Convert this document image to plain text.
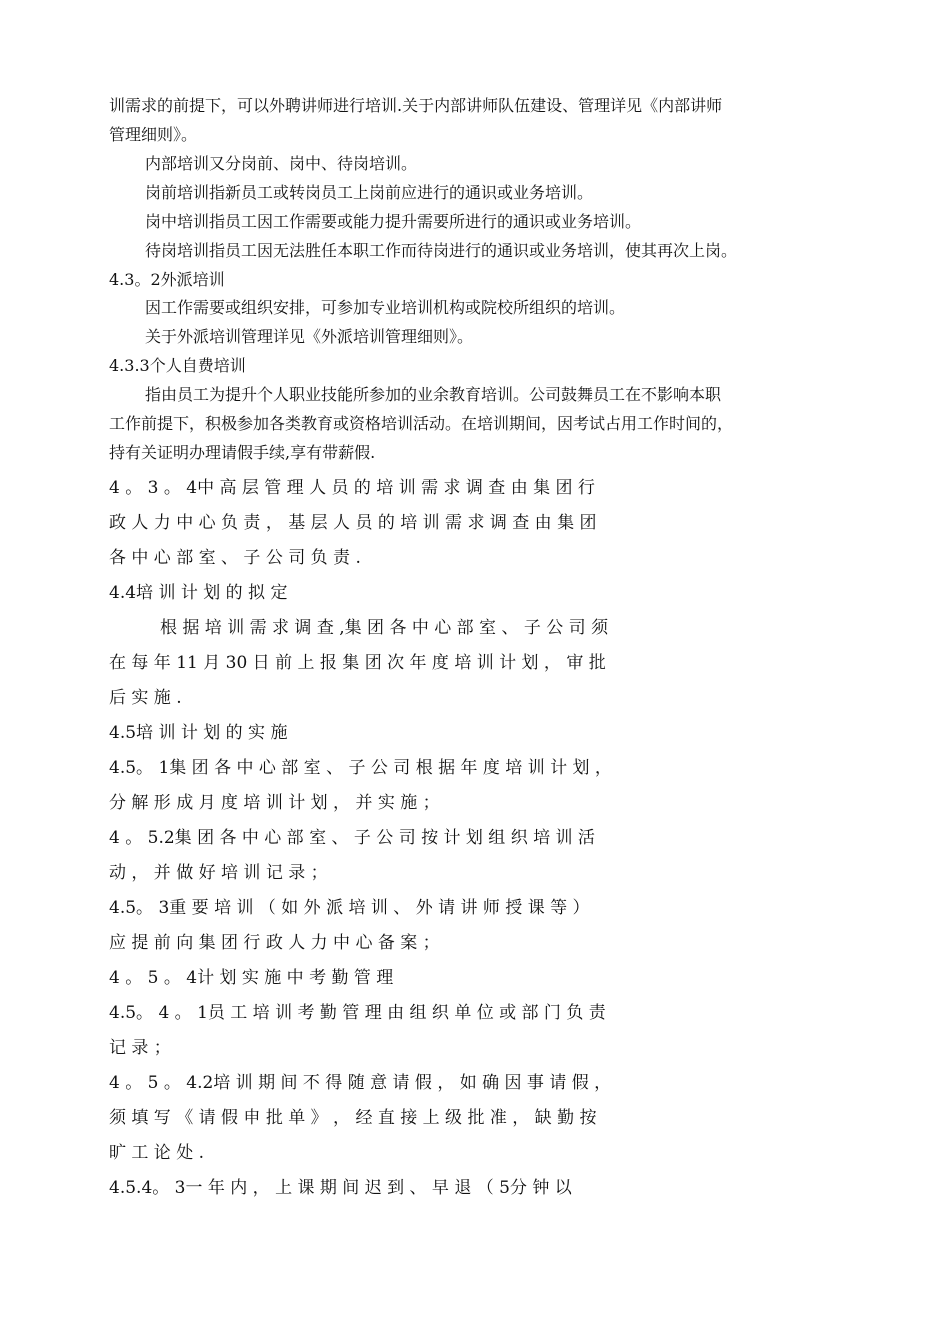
训需求的前提下，可以外聘讲师进行培训.关于内部讲师队伍建设、管理详见《内部讲师
管理细则》。
内部培训又分岗前、岗中、待岗培训。
岗前培训指新员工或转岗员工上岗前应进行的通识或业务培训。
岗中培训指员工因工作需要或能力提升需要所进行的通识或业务培训。
待岗培训指员工因无法胜任本职工作而待岗进行的通识或业务培训，使其再次上岗。
4.3。2外派培训
因工作需要或组织安排，可参加专业培训机构或院校所组织的培训。
关于外派培训管理详见《外派培训管理细则》。
4.3.3个人自费培训
指由员工为提升个人职业技能所参加的业余教育培训。公司鼓舞员工在不影响本职
工作前提下，积极参加各类教育或资格培训活动。在培训期间，因考试占用工作时间的，
持有关证明办理请假手续,享有带薪假.
4 。 3 。 4中 高 层 管 理 人 员 的 培 训 需 求 调 查 由 集 团 行
政 人 力 中 心 负 责 ， 基 层 人 员 的 培 训 需 求 调 查 由 集 团
各 中 心 部 室 、 子 公 司 负 责 .
4.4培 训 计 划 的 拟 定
根 据 培 训 需 求 调 查 ,集 团 各 中 心 部 室 、 子 公 司 须
在 每 年 11 月 30 日 前 上 报 集 团 次 年 度 培 训 计 划 ， 审 批
后 实 施 .
4.5培 训 计 划 的 实 施
4.5。 1集 团 各 中 心 部 室 、 子 公 司 根 据 年 度 培 训 计 划 ，
分 解 形 成 月 度 培 训 计 划 ， 并 实 施 ；
4 。 5.2集 团 各 中 心 部 室 、 子 公 司 按 计 划 组 织 培 训 活
动 ， 并 做 好 培 训 记 录 ；
4.5。 3重 要 培 训 （ 如 外 派 培 训 、 外 请 讲 师 授 课 等 ）
应 提 前 向 集 团 行 政 人 力 中 心 备 案 ；
4 。 5 。 4计 划 实 施 中 考 勤 管 理
4.5。 4 。 1员 工 培 训 考 勤 管 理 由 组 织 单 位 或 部 门 负 责
记 录 ；
4 。 5 。 4.2培 训 期 间 不 得 随 意 请 假 ， 如 确 因 事 请 假 ，
须 填 写 《 请 假 申 批 单 》 ， 经 直 接 上 级 批 准 ， 缺 勤 按
旷 工 论 处 .
4.5.4。 3一 年 内 ， 上 课 期 间 迟 到 、 早 退 （ 5分 钟 以
